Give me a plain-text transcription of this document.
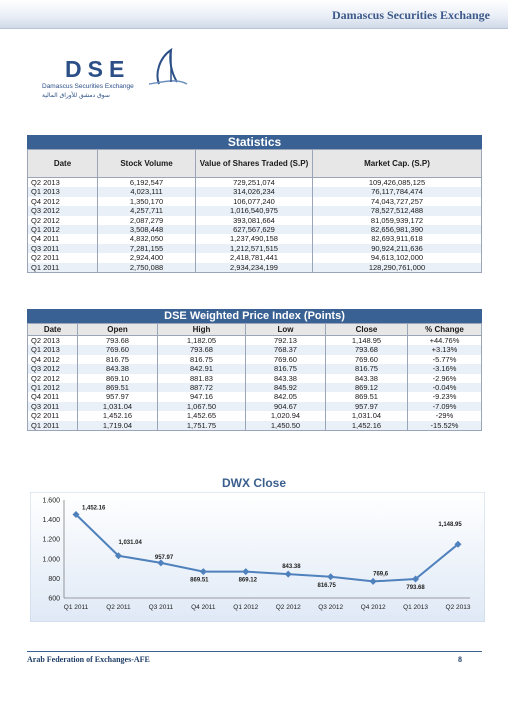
Damascus Securities Exchange
DSE
Damascus Securities Exchange
سوق دمشق للأوراق المالية
Statistics
Date	Stock Volume	Value of Shares Traded (S.P)	Market Cap. (S.P)
Q2 2013	6,192,547	729,251,074	109,426,085,125
Q1 2013	4,023,111	314,026,234	76,117,784,474
Q4 2012	1,350,170	106,077,240	74,043,727,257
Q3 2012	4,257,711	1,016,540,975	78,527,512,488
Q2 2012	2,087,279	393,081,664	81,059,939,172
Q1 2012	3,508,448	627,567,629	82,656,981,390
Q4 2011	4,832,050	1,237,490,158	82,693,911,618
Q3 2011	7,281,155	1,212,571,515	90,924,211,636
Q2 2011	2,924,400	2,418,781,441	94,613,102,000
Q1 2011	2,750,088	2,934,234,199	128,290,761,000
DSE Weighted Price Index (Points)
Date	Open	High	Low	Close	% Change
Q2 2013	793.68	1,182.05	792.13	1,148.95	+44.76%
Q1 2013	769.60	793.68	768.37	793.68	+3.13%
Q4 2012	816.75	816.75	769.60	769.60	-5.77%
Q3 2012	843.38	842.91	816.75	816.75	-3.16%
Q2 2012	869.10	881.83	843.38	843.38	-2.96%
Q1 2012	869.51	887.72	845.92	869.12	-0.04%
Q4 2011	957.97	947.16	842.05	869.51	-9.23%
Q3 2011	1,031.04	1,067.50	904.67	957.97	-7.09%
Q2 2011	1,452.16	1,452.65	1,020.94	1,031.04	-29%
Q1 2011	1,719.04	1,751.75	1,450.50	1,452.16	-15.52%
DWX Close
1.600
1.400
1.200
1.000
800
600
Q1 2011	Q2 2011	Q3 2011	Q4 2011	Q1 2012	Q2 2012	Q3 2012	Q4 2012	Q1 2013	Q2 2013
1,452.16
1,031.04
957.97
869.51	869.12
843.38
816.75
769,6
793.68
1,148.95
Arab Federation of Exchanges-AFE	8
